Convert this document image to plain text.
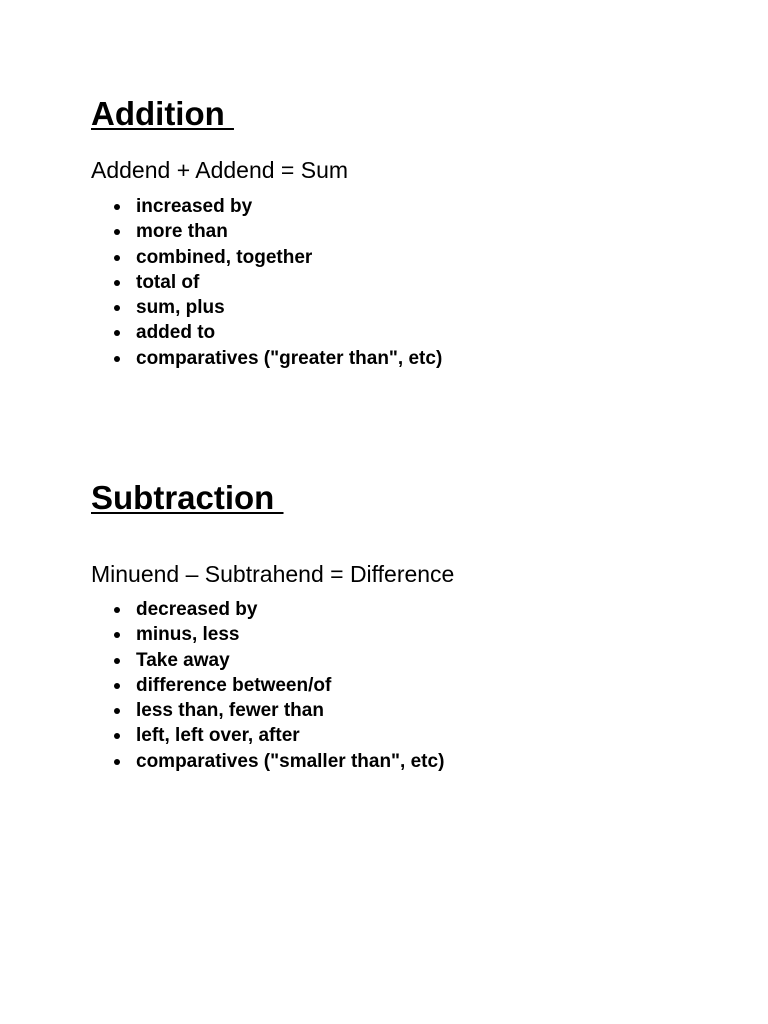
Addition

Addend + Addend = Sum

increased by
more than
combined, together
total of
sum, plus
added to
comparatives ("greater than", etc)
Subtraction

Minuend – Subtrahend = Difference

decreased by
minus, less
Take away
difference between/of
less than, fewer than
left, left over, after
comparatives ("smaller than", etc)
